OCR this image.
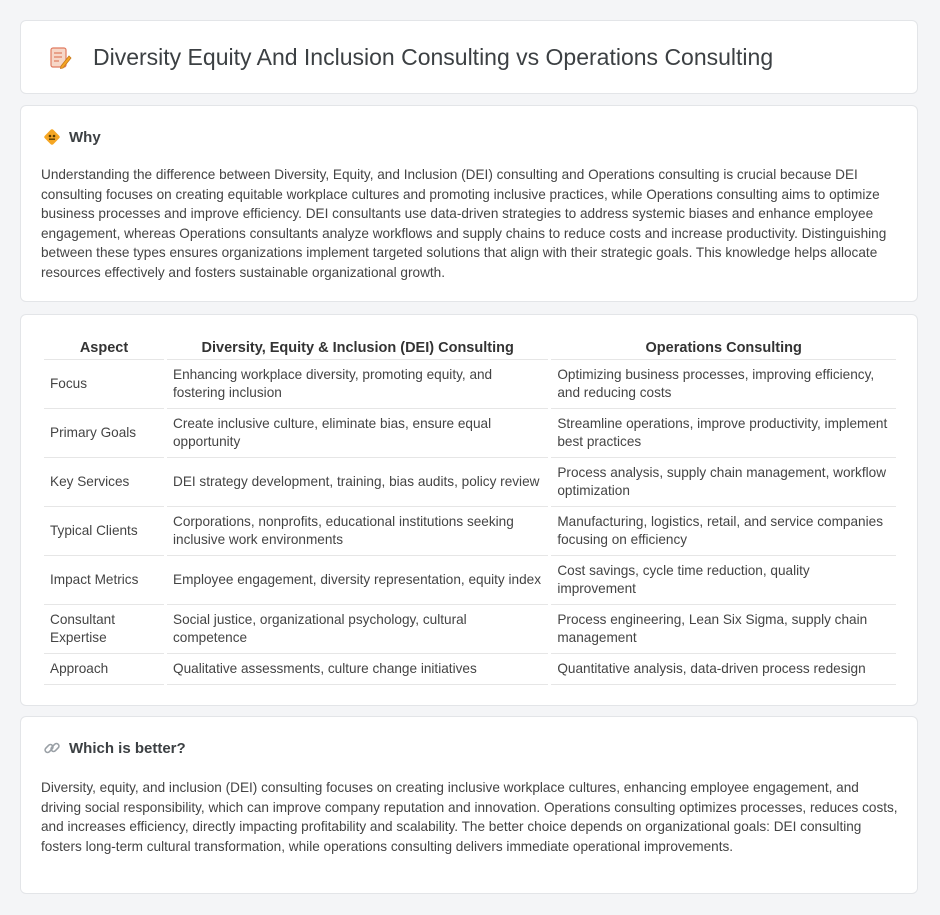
Diversity Equity And Inclusion Consulting vs Operations Consulting
Why

Understanding the difference between Diversity, Equity, and Inclusion (DEI) consulting and Operations consulting is crucial because DEI consulting focuses on creating equitable workplace cultures and promoting inclusive practices, while Operations consulting aims to optimize business processes and improve efficiency. DEI consultants use data-driven strategies to address systemic biases and enhance employee engagement, whereas Operations consultants analyze workflows and supply chains to reduce costs and increase productivity. Distinguishing between these types ensures organizations implement targeted solutions that align with their strategic goals. This knowledge helps allocate resources effectively and fosters sustainable organizational growth.

Aspect	Diversity, Equity & Inclusion (DEI) Consulting	Operations Consulting
Focus	Enhancing workplace diversity, promoting equity, and fostering inclusion	Optimizing business processes, improving efficiency, and reducing costs
Primary Goals	Create inclusive culture, eliminate bias, ensure equal opportunity	Streamline operations, improve productivity, implement best practices
Key Services	DEI strategy development, training, bias audits, policy review	Process analysis, supply chain management, workflow optimization
Typical Clients	Corporations, nonprofits, educational institutions seeking inclusive work environments	Manufacturing, logistics, retail, and service companies focusing on efficiency
Impact Metrics	Employee engagement, diversity representation, equity index	Cost savings, cycle time reduction, quality improvement
Consultant Expertise	Social justice, organizational psychology, cultural competence	Process engineering, Lean Six Sigma, supply chain management
Approach	Qualitative assessments, culture change initiatives	Quantitative analysis, data-driven process redesign
Which is better?

Diversity, equity, and inclusion (DEI) consulting focuses on creating inclusive workplace cultures, enhancing employee engagement, and driving social responsibility, which can improve company reputation and innovation. Operations consulting optimizes processes, reduces costs, and increases efficiency, directly impacting profitability and scalability. The better choice depends on organizational goals: DEI consulting fosters long-term cultural transformation, while operations consulting delivers immediate operational improvements.
